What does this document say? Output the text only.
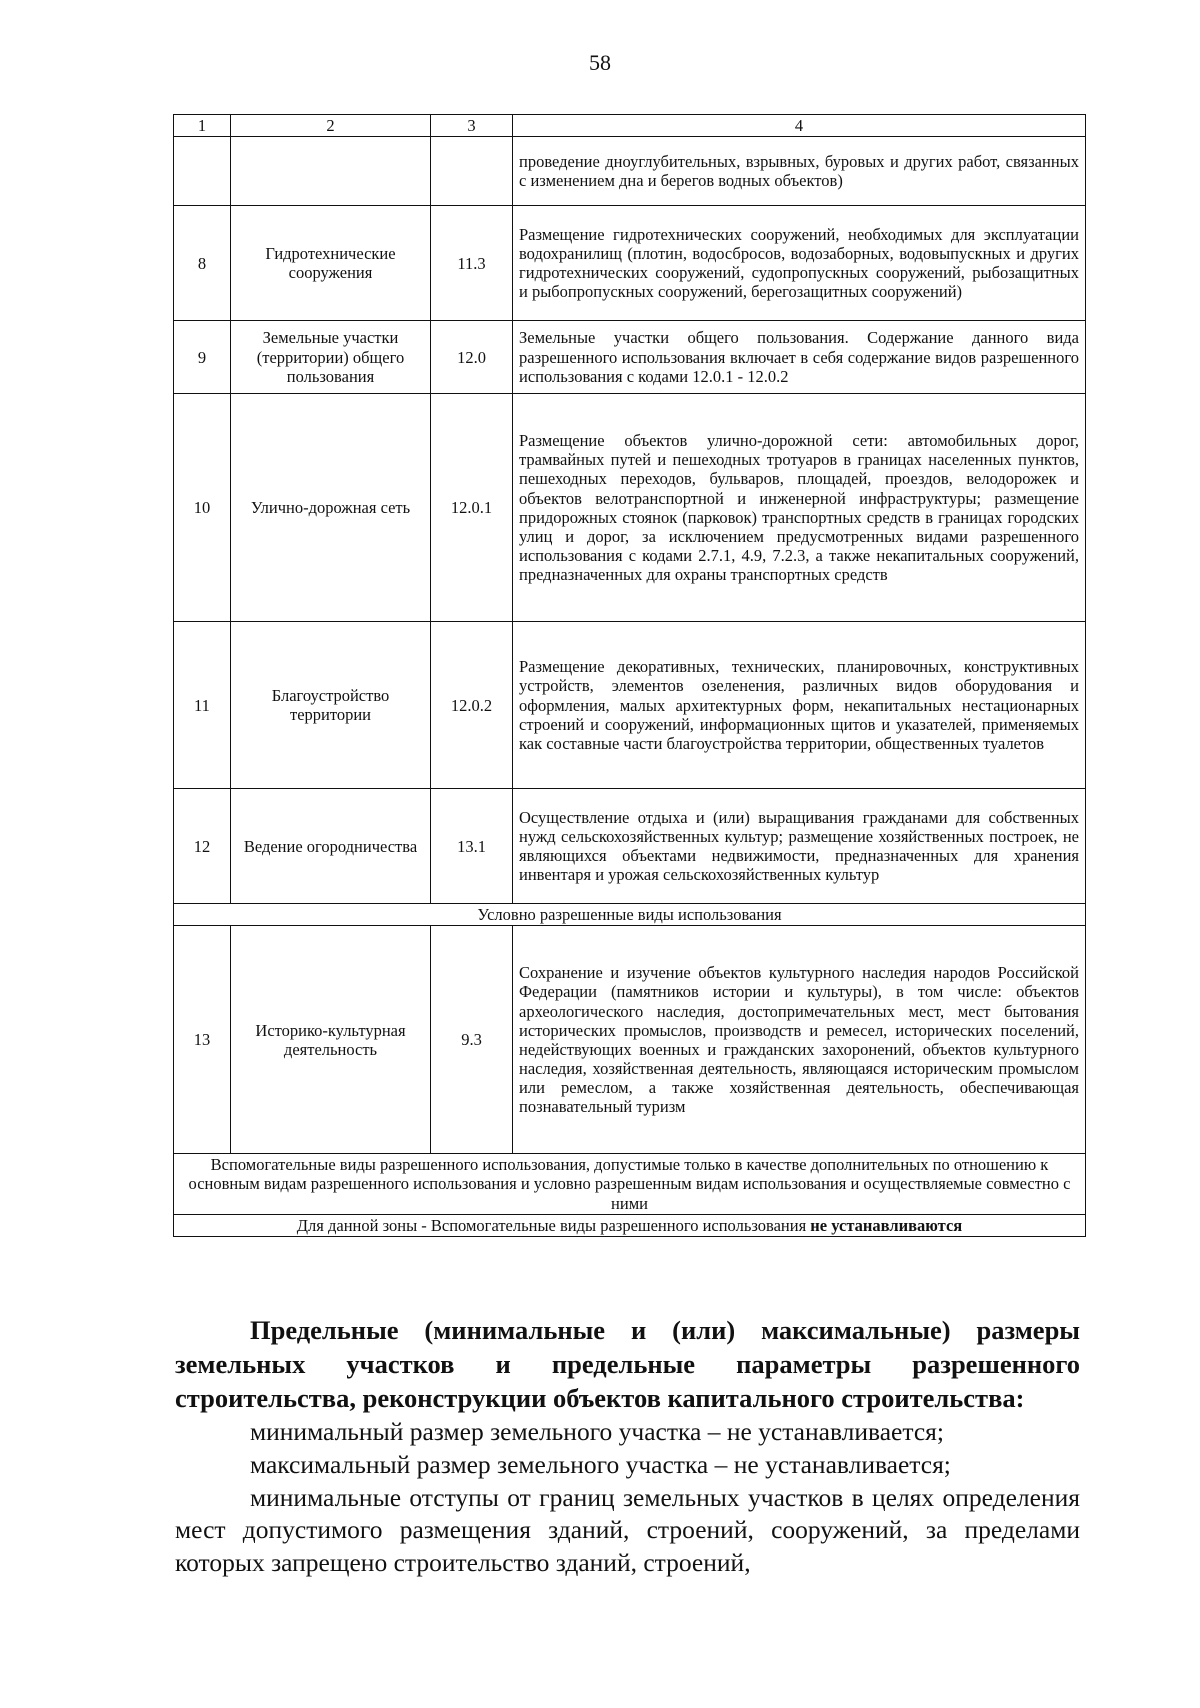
58
1	2	3	4
			проведение дноуглубительных, взрывных, буровых и других работ, связанных с изменением дна и берегов водных объектов)
8	Гидротехнические сооружения	11.3	Размещение гидротехнических сооружений, необходимых для эксплуатации водохранилищ (плотин, водосбросов, водозаборных, водовыпускных и других гидротехнических сооружений, судопропускных сооружений, рыбозащитных и рыбопропускных сооружений, берегозащитных сооружений)
9	Земельные участки (территории) общего пользования	12.0	Земельные участки общего пользования. Содержание данного вида разрешенного использования включает в себя содержание видов разрешенного использования с кодами 12.0.1 - 12.0.2
10	Улично-дорожная сеть	12.0.1	Размещение объектов улично-дорожной сети: автомобильных дорог, трамвайных путей и пешеходных тротуаров в границах населенных пунктов, пешеходных переходов, бульваров, площадей, проездов, велодорожек и объектов велотранспортной и инженерной инфраструктуры; размещение придорожных стоянок (парковок) транспортных средств в границах городских улиц и дорог, за исключением предусмотренных видами разрешенного использования с кодами 2.7.1, 4.9, 7.2.3, а также некапитальных сооружений, предназначенных для охраны транспортных средств
11	Благоустройство территории	12.0.2	Размещение декоративных, технических, планировочных, конструктивных устройств, элементов озеленения, различных видов оборудования и оформления, малых архитектурных форм, некапитальных нестационарных строений и сооружений, информационных щитов и указателей, применяемых как составные части благоустройства территории, общественных туалетов
12	Ведение огородничества	13.1	Осуществление отдыха и (или) выращивания гражданами для собственных нужд сельскохозяйственных культур; размещение хозяйственных построек, не являющихся объектами недвижимости, предназначенных для хранения инвентаря и урожая сельскохозяйственных культур
Условно разрешенные виды использования			
13	Историко-культурная деятельность	9.3	Сохранение и изучение объектов культурного наследия народов Российской Федерации (памятников истории и культуры), в том числе: объектов археологического наследия, достопримечательных мест, мест бытования исторических промыслов, производств и ремесел, исторических поселений, недействующих военных и гражданских захоронений, объектов культурного наследия, хозяйственная деятельность, являющаяся историческим промыслом или ремеслом, а также хозяйственная деятельность, обеспечивающая познавательный туризм
Вспомогательные виды разрешенного использования, допустимые только в качестве дополнительных по отношению к основным видам разрешенного использования и условно разрешенным видам использования и осуществляемые совместно с ними			
Для данной зоны - Вспомогательные виды разрешенного использования не устанавливаются			
Предельные (минимальные и (или) максимальные) размеры земельных участков и предельные параметры разрешенного строительства, реконструкции объектов капитального строительства:

минимальный размер земельного участка – не устанавливается;

максимальный размер земельного участка – не устанавливается;

минимальные отступы от границ земельных участков в целях определения мест допустимого размещения зданий, строений, сооружений, за пределами которых запрещено строительство зданий, строений,
